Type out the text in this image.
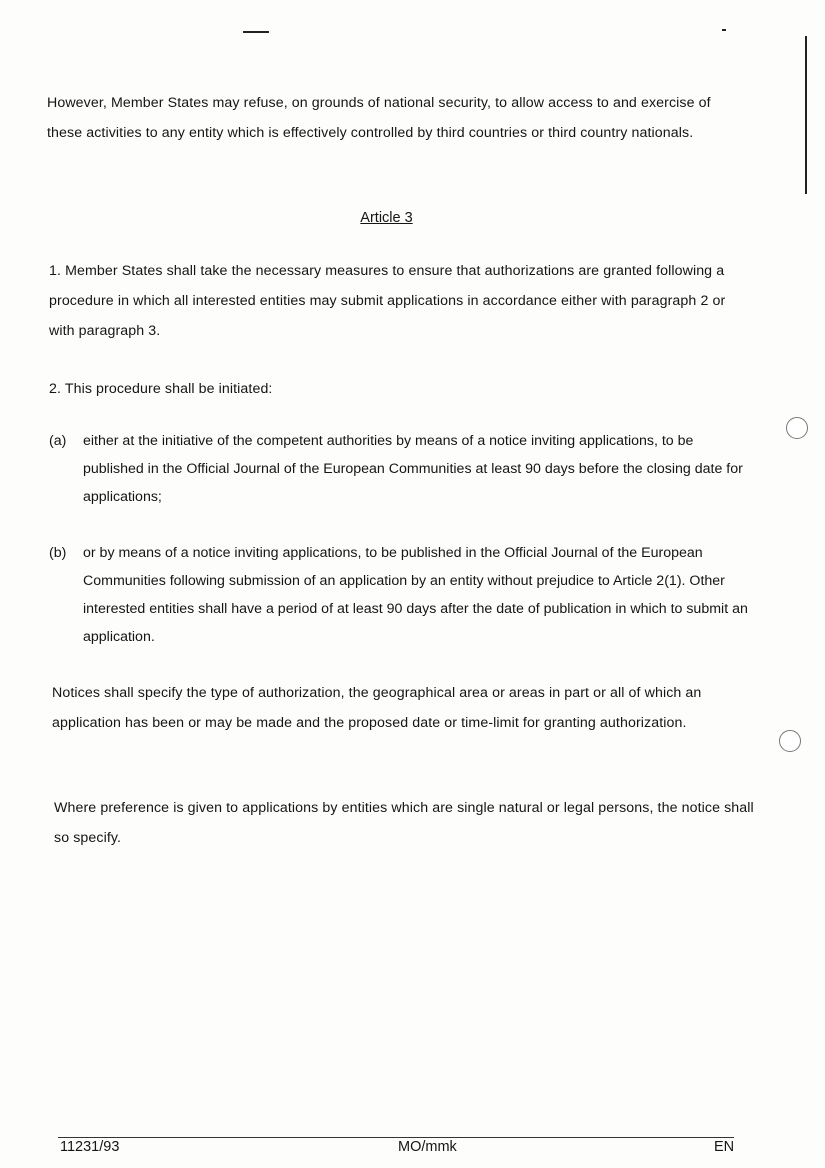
However, Member States may refuse, on grounds of national security, to allow access to and exercise of these activities to any entity which is effectively controlled by third countries or third country nationals.

Article 3

1. Member States shall take the necessary measures to ensure that authorizations are granted following a procedure in which all interested entities may submit applications in accordance either with paragraph 2 or with paragraph 3.

2. This procedure shall be initiated:

(a) either at the initiative of the competent authorities by means of a notice inviting applications, to be published in the Official Journal of the European Communities at least 90 days before the closing date for applications;
(b) or by means of a notice inviting applications, to be published in the Official Journal of the European Communities following submission of an application by an entity without prejudice to Article 2(1). Other interested entities shall have a period of at least 90 days after the date of publication in which to submit an application.

Notices shall specify the type of authorization, the geographical area or areas in part or all of which an application has been or may be made and the proposed date or time-limit for granting authorization.

Where preference is given to applications by entities which are single natural or legal persons, the notice shall so specify.

11231/93	MO/mmk	EN
